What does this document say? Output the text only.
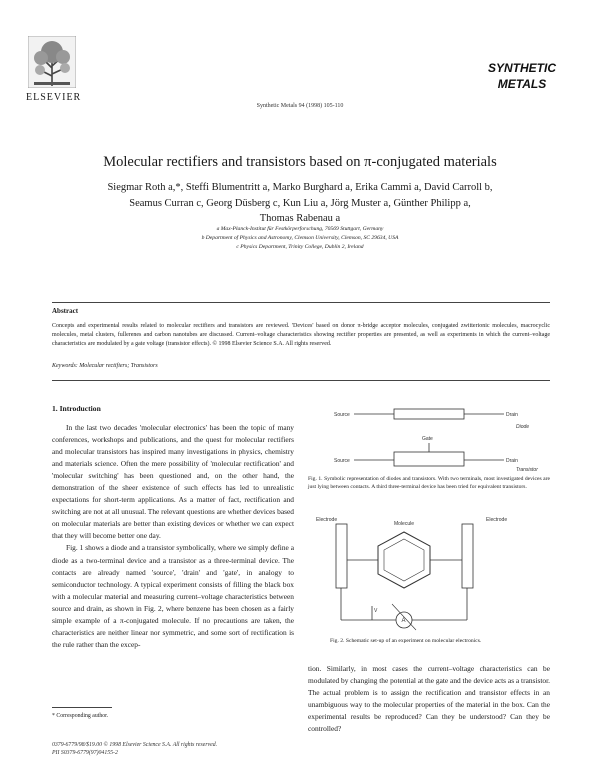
ELSEVIER
Synthetic Metals 94 (1998) 105-110
SYNTHETIC
METALS
Molecular rectifiers and transistors based on π-conjugated materials
Siegmar Roth a,*, Steffi Blumentritt a, Marko Burghard a, Erika Cammi a, David Carroll b,
Seamus Curran c, Georg Düsberg c, Kun Liu a, Jörg Muster a, Günther Philipp a,
Thomas Rabenau a
a Max-Planck-Institut für Festkörperforschung, 70569 Stuttgart, Germany
b Department of Physics and Astronomy, Clemson University, Clemson, SC 29634, USA
c Physics Department, Trinity College, Dublin 2, Ireland
Abstract
Concepts and experimental results related to molecular rectifiers and transistors are reviewed. 'Devices' based on donor π-bridge acceptor molecules, conjugated zwitterionic molecules, macrocyclic molecules, metal clusters, fullerenes and carbon nanotubes are discussed. Current–voltage characteristics showing rectifier properties are presented, as well as experiments in which the current–voltage characteristics are modulated by a gate voltage (transistor effects). © 1998 Elsevier Science S.A. All rights reserved.
Keywords: Molecular rectifiers; Transistors
1. Introduction

In the last two decades 'molecular electronics' has been the topic of many conferences, workshops and publications, and the quest for molecular rectifiers and molecular transistors has inspired many investigations in physics, chemistry and materials science. Often the mere possibility of 'molecular rectification' and 'molecular switching' has been questioned and, on the other hand, the demonstration of the sheer existence of such effects has led to unrealistic expectations for short-term applications. As a matter of fact, rectification and switching are not at all unusual. The relevant questions are whether devices based on molecular materials are better than existing devices or whether we can expect that they will become better one day.

Fig. 1 shows a diode and a transistor symbolically, where we simply define a diode as a two-terminal device and a transistor as a three-terminal device. The contacts are already named 'source', 'drain' and 'gate', in analogy to semiconductor technology. A typical experiment consists of filling the black box with a molecular material and measuring current–voltage characteristics between source and drain, as shown in Fig. 2, where benzene has been chosen as a fairly simple example of a π-conjugated molecule. If no precautions are taken, the characteristics are neither linear nor symmetric, and some sort of rectification is the rule rather than the excep-

* Corresponding author.
Source	Drain
Diode
Gate
Source	Drain
Transistor
Fig. 1. Symbolic representation of diodes and transistors. With two terminals, most investigated devices are just lying between contacts. A third three-terminal device has been tried for equivalent transistors.
Electrode	Electrode
Molecule
V
A
Fig. 2. Schematic set-up of an experiment on molecular electronics.

tion. Similarly, in most cases the current–voltage characteristics can be modulated by changing the potential at the gate and the device acts as a transistor. The actual problem is to assign the rectification and transistor effects in an unambiguous way to the molecular properties of the material in the box. Can the experimental results be reproduced? Can they be understood? Can they be controlled?

0379-6779/98/$19.00 © 1998 Elsevier Science S.A. All rights reserved.
PII S0379-6779(97)04155-2
